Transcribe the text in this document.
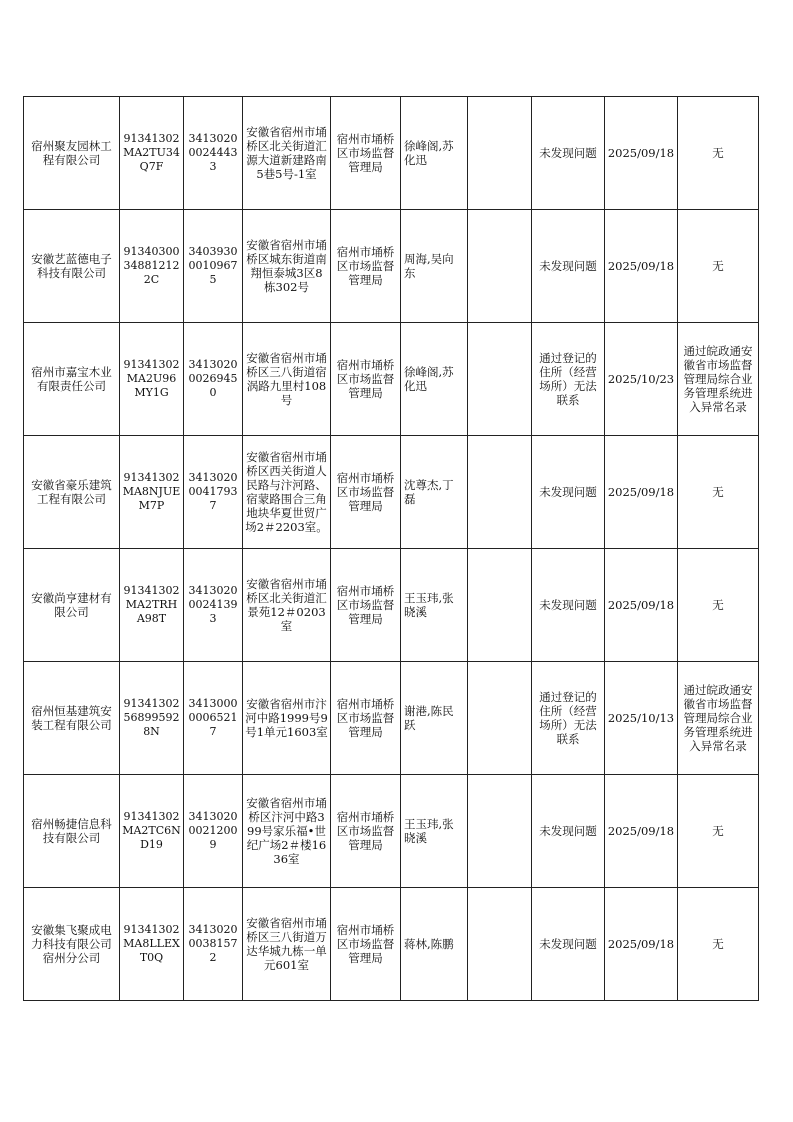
宿州聚友园林工程有限公司	91341302MA2TU34Q7F	341302000244433	安徽省宿州市埇桥区北关街道汇源大道新建路南5巷5号-1室	宿州市埇桥区市场监督管理局	徐峰阁,苏化迅		未发现问题	2025/09/18	无
安徽艺蓝德电子科技有限公司	91340300348812122C	340393000109675	安徽省宿州市埇桥区城东街道南翔恒泰城3区8栋302号	宿州市埇桥区市场监督管理局	周海,吴向东		未发现问题	2025/09/18	无
宿州市嘉宝木业有限责任公司	91341302MA2U96MY1G	341302000269450	安徽省宿州市埇桥区三八街道宿涡路九里村108号	宿州市埇桥区市场监督管理局	徐峰阁,苏化迅		通过登记的住所（经营场所）无法联系	2025/10/23	通过皖政通安徽省市场监督管理局综合业务管理系统进入异常名录
安徽省豪乐建筑工程有限公司	91341302MA8NJUEM7P	341302000417937	安徽省宿州市埇桥区西关街道人民路与汴河路、宿蒙路围合三角地块华夏世贸广场2＃2203室。	宿州市埇桥区市场监督管理局	沈尊杰,丁磊		未发现问题	2025/09/18	无
安徽尚亨建材有限公司	91341302MA2TRHA98T	341302000241393	安徽省宿州市埇桥区北关街道汇景苑12＃0203室	宿州市埇桥区市场监督管理局	王玉玮,张晓溪		未发现问题	2025/09/18	无
宿州恒基建筑安装工程有限公司	91341302568995928N	341300000065217	安徽省宿州市汴河中路1999号9号1单元1603室	宿州市埇桥区市场监督管理局	谢港,陈民跃		通过登记的住所（经营场所）无法联系	2025/10/13	通过皖政通安徽省市场监督管理局综合业务管理系统进入异常名录
宿州畅捷信息科技有限公司	91341302MA2TC6ND19	341302000212009	安徽省宿州市埇桥区汴河中路399号家乐福•世纪广场2＃楼1636室	宿州市埇桥区市场监督管理局	王玉玮,张晓溪		未发现问题	2025/09/18	无
安徽集飞聚成电力科技有限公司宿州分公司	91341302MA8LLEXT0Q	341302000381572	安徽省宿州市埇桥区三八街道万达华城九栋一单元601室	宿州市埇桥区市场监督管理局	蒋林,陈鹏		未发现问题	2025/09/18	无
